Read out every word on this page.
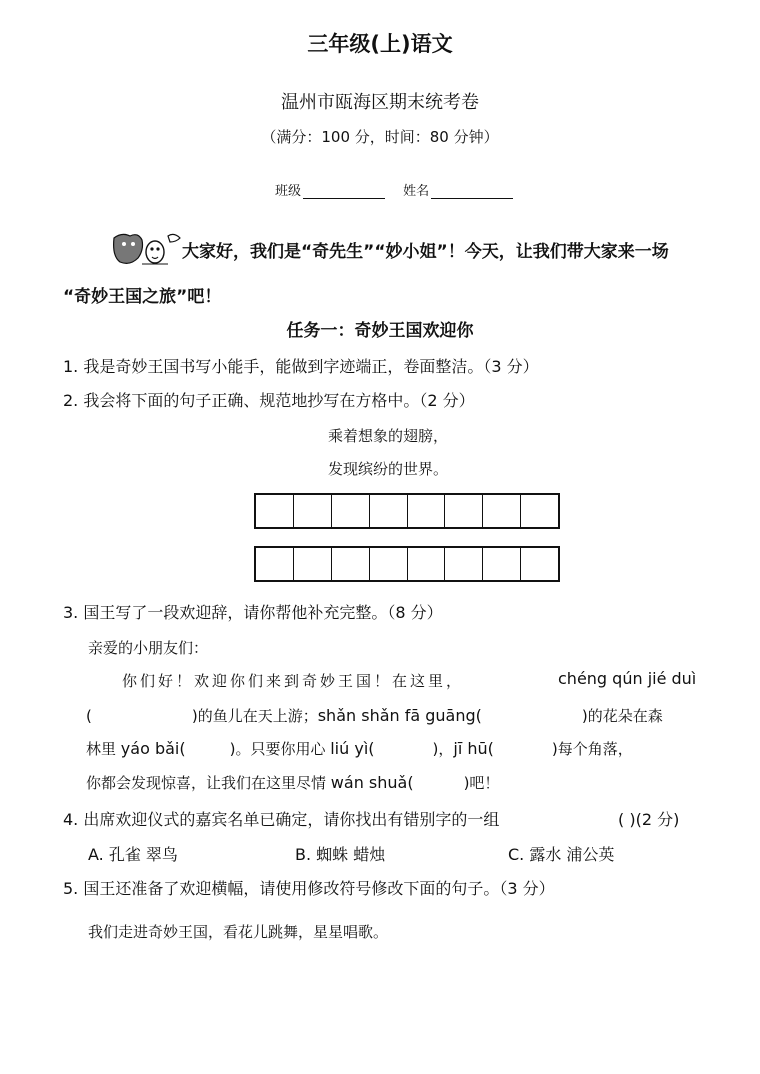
三年级(上)语文
温州市瓯海区期末统考卷
（满分：100 分，时间：80 分钟）
班级	姓名
大家好，我们是“奇先生”“妙小姐”！今天，让我们带大家来一场
“奇妙王国之旅”吧！
任务一：奇妙王国欢迎你
1. 我是奇妙王国书写小能手，能做到字迹端正，卷面整洁。（3 分）
2. 我会将下面的句子正确、规范地抄写在方格中。（2 分）
乘着想象的翅膀，
发现缤纷的世界。
3. 国王写了一段欢迎辞，请你帮他补充完整。（8 分）
亲爱的小朋友们：
你们好！欢迎你们来到奇妙王国！在这里，	chéng qún jié duì
(	)的鱼儿在天上游；shǎn shǎn fā guāng(	)的花朵在森
林里 yáo bǎi(	)。只要你用心 liú yì(	)，jī hū(	)每个角落，
你都会发现惊喜，让我们在这里尽情 wán shuǎ(	)吧！
4. 出席欢迎仪式的嘉宾名单已确定，请你找出有错别字的一组	( )(2 分)
A. 孔雀 翠鸟	B. 蜘蛛 蜡烛	C. 露水 浦公英
5. 国王还准备了欢迎横幅，请使用修改符号修改下面的句子。（3 分）
我们走进奇妙王国，看花儿跳舞，星星唱歌。
